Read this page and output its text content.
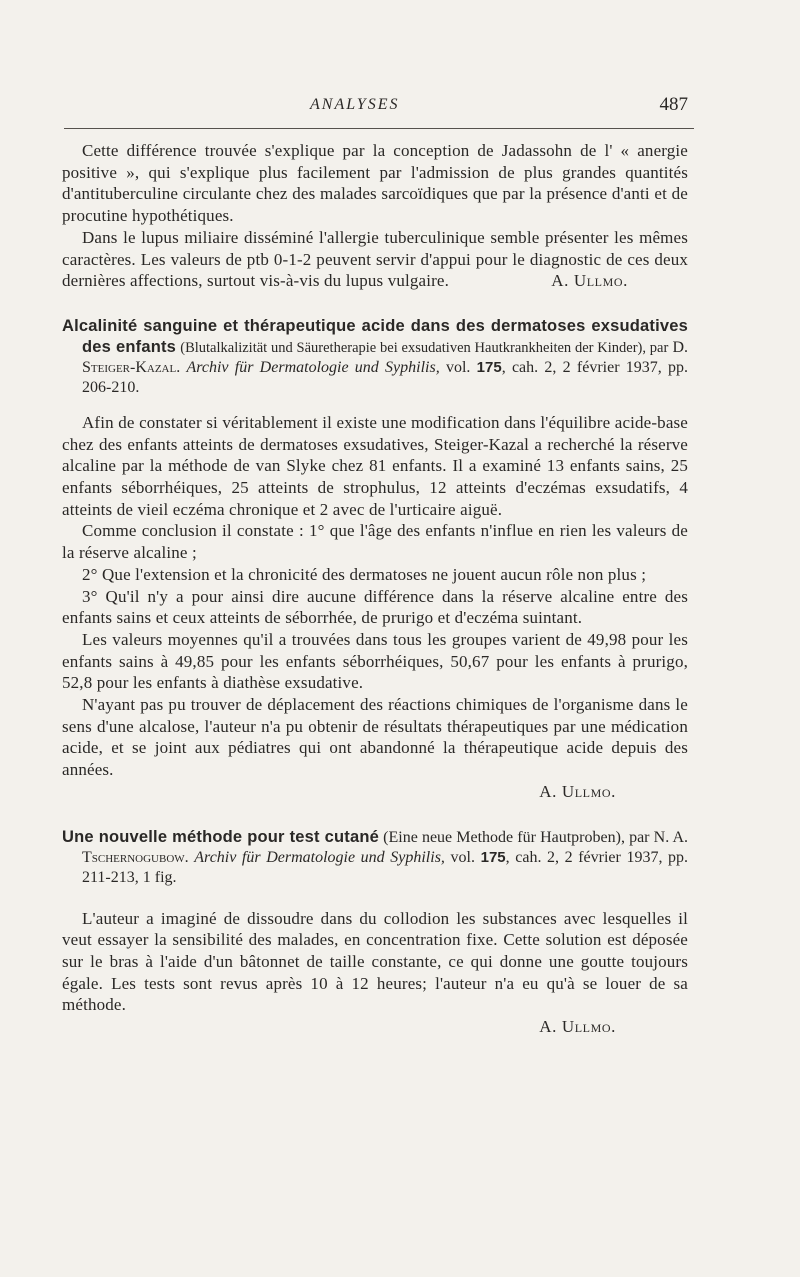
ANALYSES	487

Cette différence trouvée s'explique par la conception de Jadassohn de l' « anergie positive », qui s'explique plus facilement par l'admission de plus grandes quantités d'antituberculine circulante chez des malades sarcoïdiques que par la présence d'anti et de procutine hypothétiques.

Dans le lupus miliaire disséminé l'allergie tuberculinique semble présenter les mêmes caractères. Les valeurs de ptb 0-1-2 peuvent servir d'appui pour le diagnostic de ces deux dernières affections, surtout vis-à-vis du lupus vulgaire.	A. Ullmo.
Alcalinité sanguine et thérapeutique acide dans des dermatoses exsudatives des enfants (Blutalkalizität und Säuretherapie bei exsudativen Hautkrankheiten der Kinder), par D. Steiger-Kazal. Archiv für Dermatologie und Syphilis, vol. 175, cah. 2, 2 février 1937, pp. 206-210.

Afin de constater si véritablement il existe une modification dans l'équilibre acide-base chez des enfants atteints de dermatoses exsudatives, Steiger-Kazal a recherché la réserve alcaline par la méthode de van Slyke chez 81 enfants. Il a examiné 13 enfants sains, 25 enfants séborrhéiques, 25 atteints de strophulus, 12 atteints d'eczémas exsudatifs, 4 atteints de vieil eczéma chronique et 2 avec de l'urticaire aiguë.

Comme conclusion il constate : 1° que l'âge des enfants n'influe en rien les valeurs de la réserve alcaline ;

2° Que l'extension et la chronicité des dermatoses ne jouent aucun rôle non plus ;

3° Qu'il n'y a pour ainsi dire aucune différence dans la réserve alcaline entre des enfants sains et ceux atteints de séborrhée, de prurigo et d'eczéma suintant.

Les valeurs moyennes qu'il a trouvées dans tous les groupes varient de 49,98 pour les enfants sains à 49,85 pour les enfants séborrhéiques, 50,67 pour les enfants à prurigo, 52,8 pour les enfants à diathèse exsudative.

N'ayant pas pu trouver de déplacement des réactions chimiques de l'organisme dans le sens d'une alcalose, l'auteur n'a pu obtenir de résultats thérapeutiques par une médication acide, et se joint aux pédiatres qui ont abandonné la thérapeutique acide depuis des années.

A. Ullmo.
Une nouvelle méthode pour test cutané (Eine neue Methode für Hautproben), par N. A. Tschernogubow. Archiv für Dermatologie und Syphilis, vol. 175, cah. 2, 2 février 1937, pp. 211-213, 1 fig.

L'auteur a imaginé de dissoudre dans du collodion les substances avec lesquelles il veut essayer la sensibilité des malades, en concentration fixe. Cette solution est déposée sur le bras à l'aide d'un bâtonnet de taille constante, ce qui donne une goutte toujours égale. Les tests sont revus après 10 à 12 heures; l'auteur n'a eu qu'à se louer de sa méthode.

A. Ullmo.
